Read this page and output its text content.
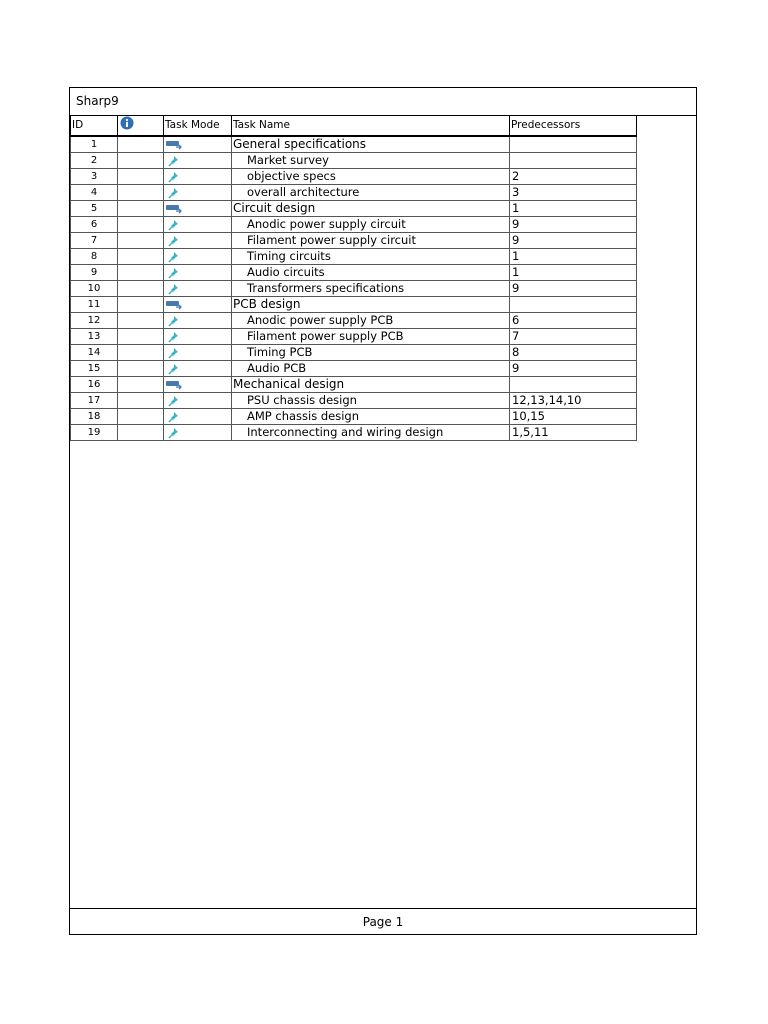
Sharp9
ID		Task Mode	Task Name	Predecessors
1			General specifications	
2			Market survey	
3			objective specs	2
4			overall architecture	3
5			Circuit design	1
6			Anodic power supply circuit	9
7			Filament power supply circuit	9
8			Timing circuits	1
9			Audio circuits	1
10			Transformers specifications	9
11			PCB design	
12			Anodic power supply PCB	6
13			Filament power supply PCB	7
14			Timing PCB	8
15			Audio PCB	9
16			Mechanical design	
17			PSU chassis design	12,13,14,10
18			AMP chassis design	10,15
19			Interconnecting and wiring design	1,5,11
Page 1
